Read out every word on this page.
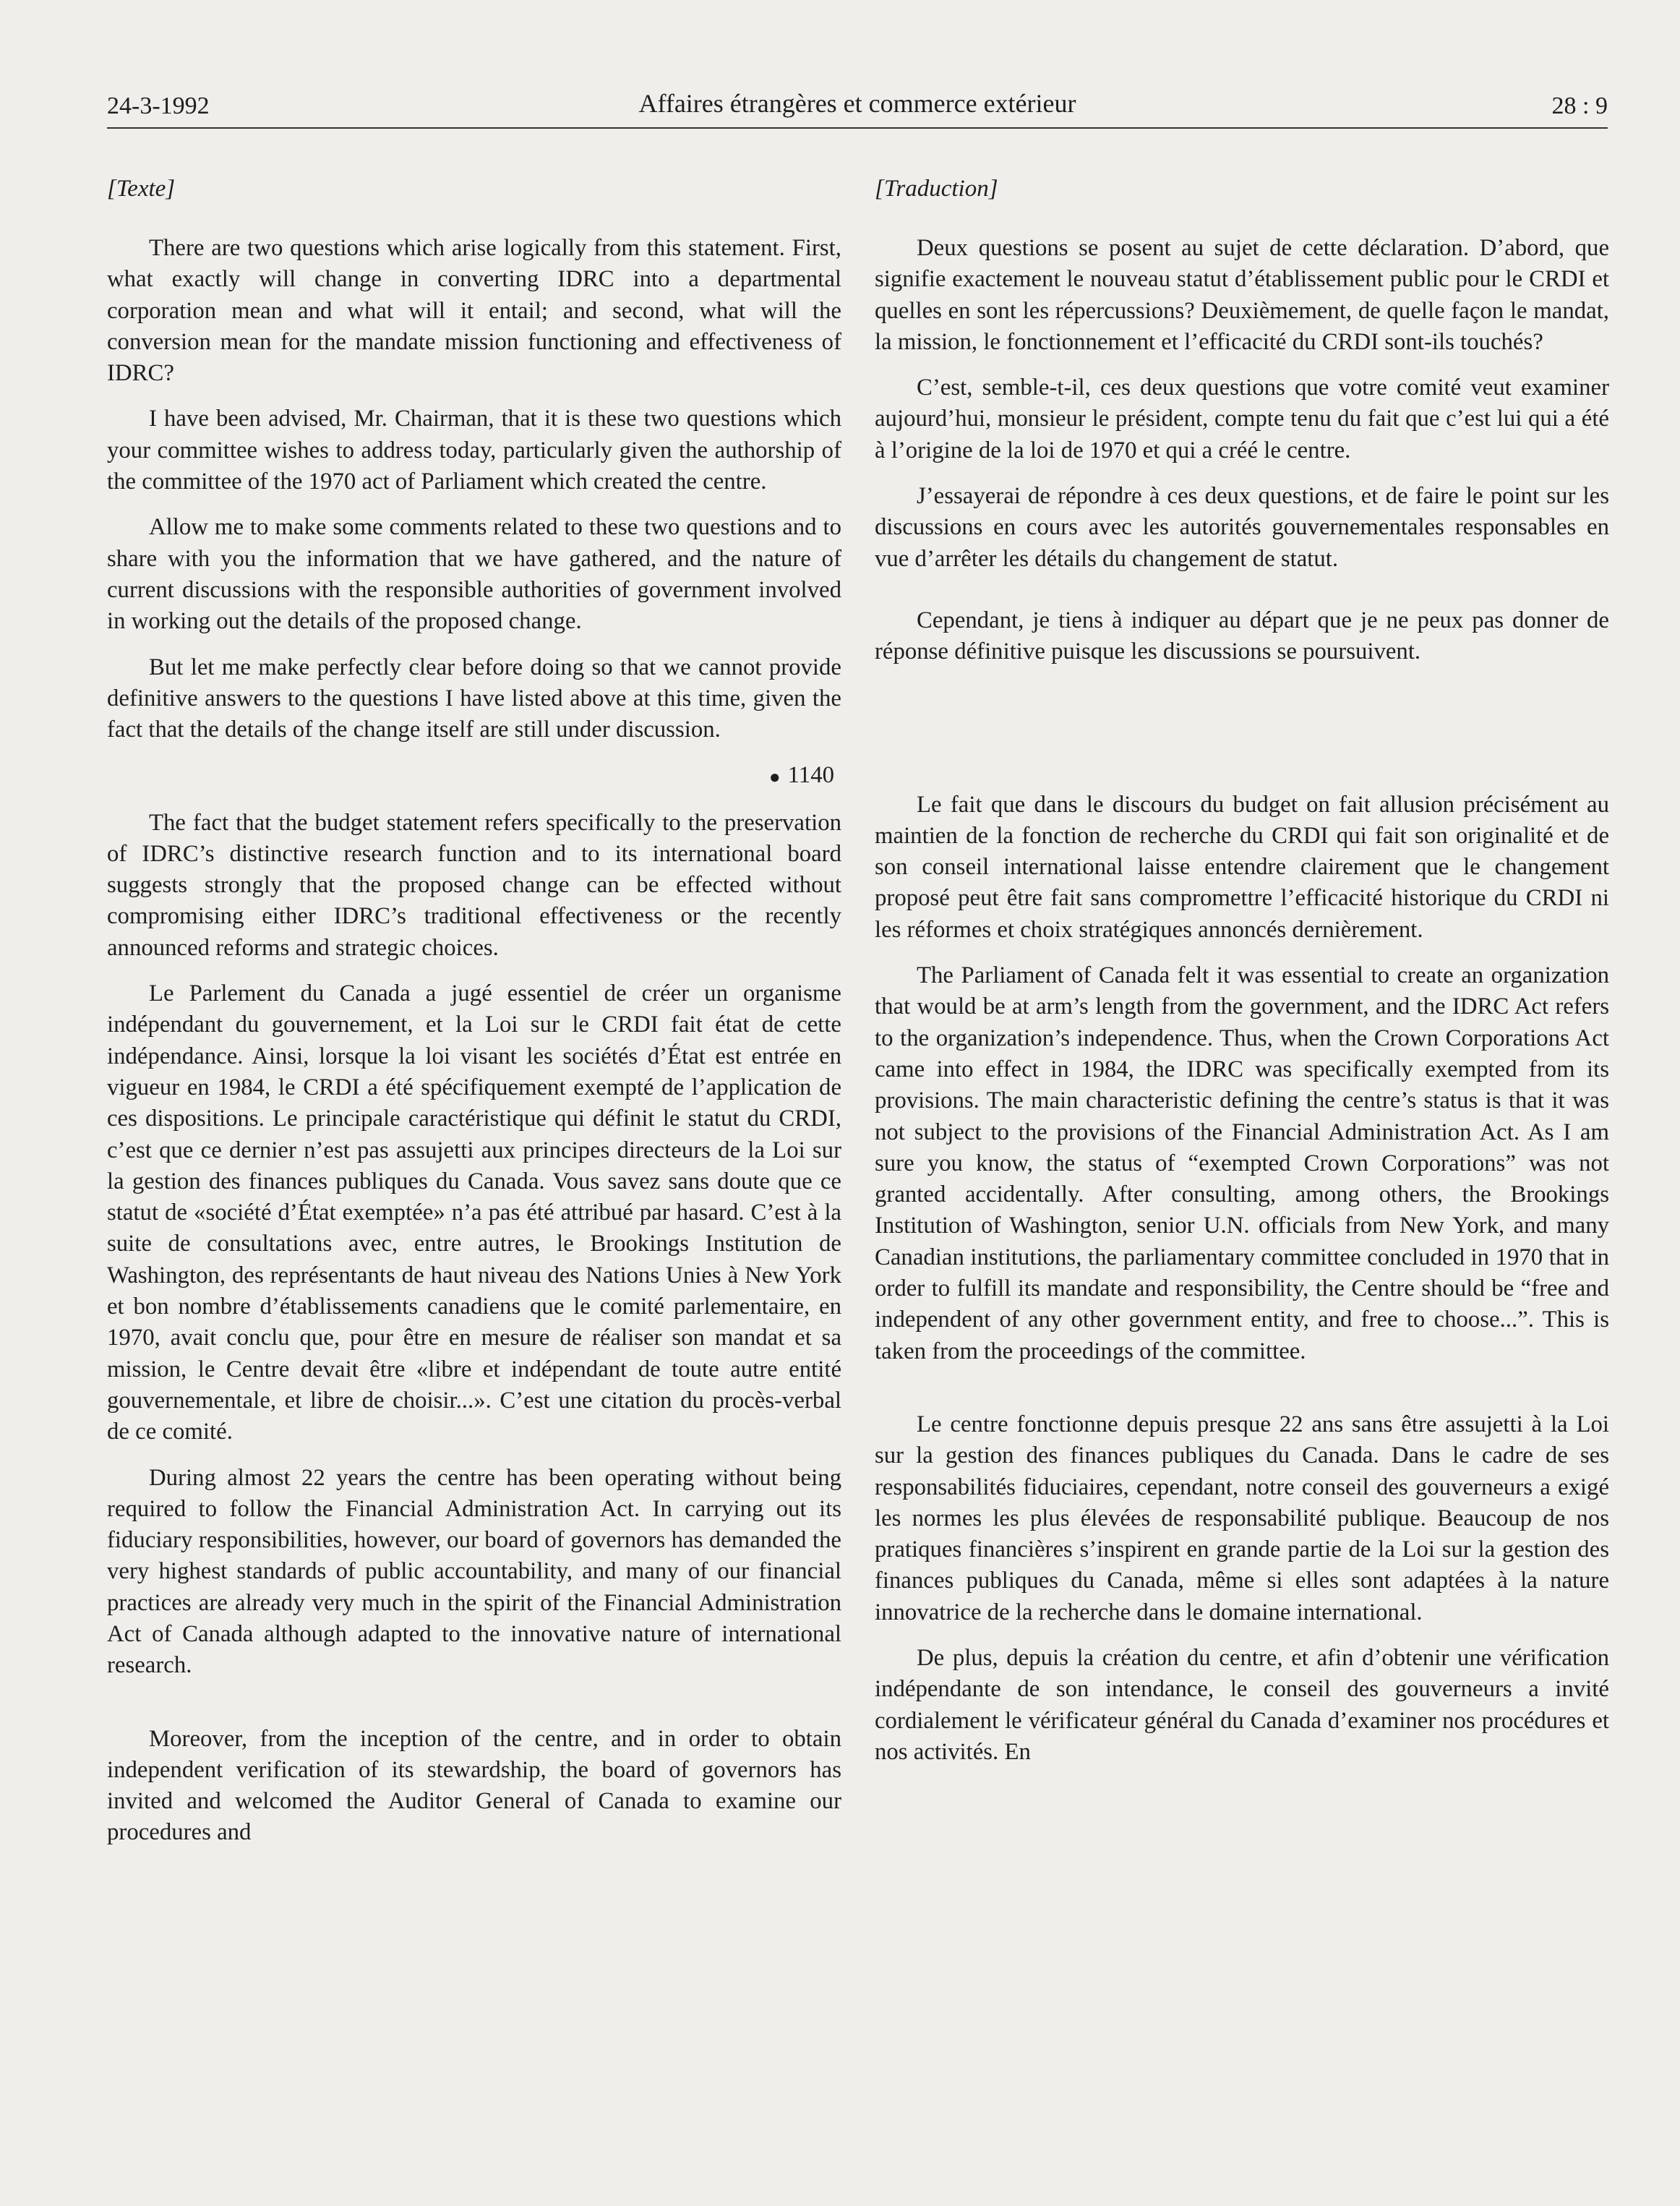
24-3-1992	Affaires étrangères et commerce extérieur	28 : 9
[Texte]

There are two questions which arise logically from this statement. First, what exactly will change in converting IDRC into a departmental corporation mean and what will it entail; and second, what will the conversion mean for the mandate mission functioning and effectiveness of IDRC?

I have been advised, Mr. Chairman, that it is these two questions which your committee wishes to address today, particularly given the authorship of the committee of the 1970 act of Parliament which created the centre.

Allow me to make some comments related to these two questions and to share with you the information that we have gathered, and the nature of current discussions with the responsible authorities of government involved in working out the details of the proposed change.

But let me make perfectly clear before doing so that we cannot provide definitive answers to the questions I have listed above at this time, given the fact that the details of the change itself are still under discussion.

● 1140

The fact that the budget statement refers specifically to the preservation of IDRC’s distinctive research function and to its international board suggests strongly that the proposed change can be effected without compromising either IDRC’s traditional effectiveness or the recently announced reforms and strategic choices.

Le Parlement du Canada a jugé essentiel de créer un organisme indépendant du gouvernement, et la Loi sur le CRDI fait état de cette indépendance. Ainsi, lorsque la loi visant les sociétés d’État est entrée en vigueur en 1984, le CRDI a été spécifiquement exempté de l’application de ces dispositions. Le principale caractéristique qui définit le statut du CRDI, c’est que ce dernier n’est pas assujetti aux principes directeurs de la Loi sur la gestion des finances publiques du Canada. Vous savez sans doute que ce statut de «société d’État exemptée» n’a pas été attribué par hasard. C’est à la suite de consultations avec, entre autres, le Brookings Institution de Washington, des représentants de haut niveau des Nations Unies à New York et bon nombre d’établissements canadiens que le comité parlementaire, en 1970, avait conclu que, pour être en mesure de réaliser son mandat et sa mission, le Centre devait être «libre et indépendant de toute autre entité gouvernementale, et libre de choisir...». C’est une citation du procès-verbal de ce comité.

During almost 22 years the centre has been operating without being required to follow the Financial Administration Act. In carrying out its fiduciary responsibilities, however, our board of governors has demanded the very highest standards of public accountability, and many of our financial practices are already very much in the spirit of the Financial Administration Act of Canada although adapted to the innovative nature of international research.

Moreover, from the inception of the centre, and in order to obtain independent verification of its stewardship, the board of governors has invited and welcomed the Auditor General of Canada to examine our procedures and

[Traduction]

Deux questions se posent au sujet de cette déclaration. D’abord, que signifie exactement le nouveau statut d’établissement public pour le CRDI et quelles en sont les répercussions? Deuxièmement, de quelle façon le mandat, la mission, le fonctionnement et l’efficacité du CRDI sont-ils touchés?

C’est, semble-t-il, ces deux questions que votre comité veut examiner aujourd’hui, monsieur le président, compte tenu du fait que c’est lui qui a été à l’origine de la loi de 1970 et qui a créé le centre.

J’essayerai de répondre à ces deux questions, et de faire le point sur les discussions en cours avec les autorités gouvernementales responsables en vue d’arrêter les détails du changement de statut.

Cependant, je tiens à indiquer au départ que je ne peux pas donner de réponse définitive puisque les discussions se poursuivent.

Le fait que dans le discours du budget on fait allusion précisément au maintien de la fonction de recherche du CRDI qui fait son originalité et de son conseil international laisse entendre clairement que le changement proposé peut être fait sans compromettre l’efficacité historique du CRDI ni les réformes et choix stratégiques annoncés dernièrement.

The Parliament of Canada felt it was essential to create an organization that would be at arm’s length from the government, and the IDRC Act refers to the organization’s independence. Thus, when the Crown Corporations Act came into effect in 1984, the IDRC was specifically exempted from its provisions. The main characteristic defining the centre’s status is that it was not subject to the provisions of the Financial Administration Act. As I am sure you know, the status of “exempted Crown Corporations” was not granted accidentally. After consulting, among others, the Brookings Institution of Washington, senior U.N. officials from New York, and many Canadian institutions, the parliamentary committee concluded in 1970 that in order to fulfill its mandate and responsibility, the Centre should be “free and independent of any other government entity, and free to choose...”. This is taken from the proceedings of the committee.

Le centre fonctionne depuis presque 22 ans sans être assujetti à la Loi sur la gestion des finances publiques du Canada. Dans le cadre de ses responsabilités fiduciaires, cependant, notre conseil des gouverneurs a exigé les normes les plus élevées de responsabilité publique. Beaucoup de nos pratiques financières s’inspirent en grande partie de la Loi sur la gestion des finances publiques du Canada, même si elles sont adaptées à la nature innovatrice de la recherche dans le domaine international.

De plus, depuis la création du centre, et afin d’obtenir une vérification indépendante de son intendance, le conseil des gouverneurs a invité cordialement le vérificateur général du Canada d’examiner nos procédures et nos activités. En
